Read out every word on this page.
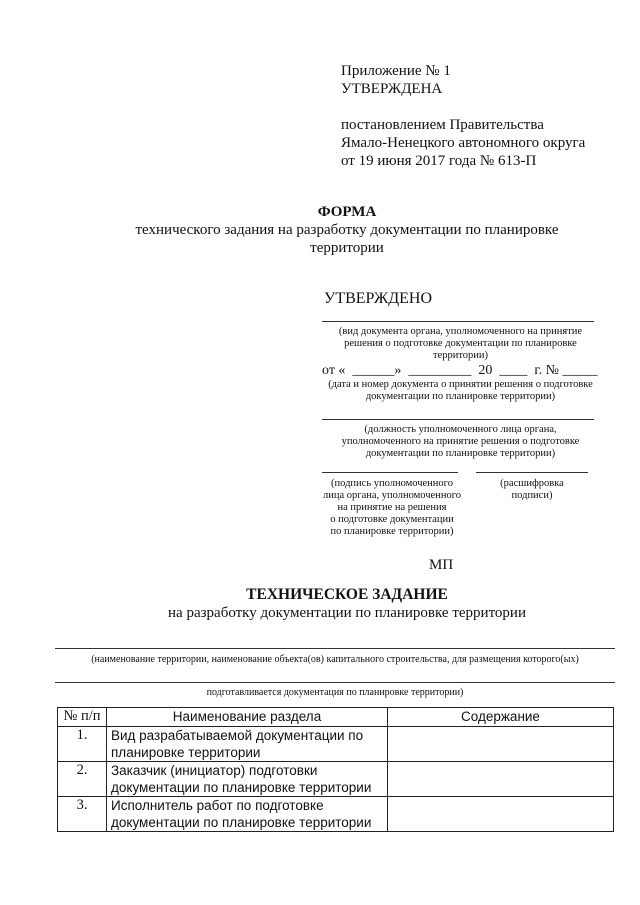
Приложение № 1
УТВЕРЖДЕНА
постановлением Правительства
Ямало-Ненецкого автономного округа
от 19 июня 2017 года № 613-П
ФОРМА
технического задания на разработку документации по планировке
территории
УТВЕРЖДЕНО
(вид документа органа, уполномоченного на принятие
решения о подготовке документации по планировке
территории)
от «  ______»  _________  20  ____  г. № _____
(дата и номер документа о принятии решения о подготовке
документации по планировке территории)
(должность уполномоченного лица органа,
уполномоченного на принятие решения о подготовке
документации по планировке территории)
(подпись уполномоченного
лица органа, уполномоченного
на принятие на решения
о подготовке документации
по планировке территории)
(расшифровка
подписи)
МП
ТЕХНИЧЕСКОЕ ЗАДАНИЕ
на разработку документации по планировке территории
(наименование территории, наименование объекта(ов) капитального строительства, для размещения которого(ых)
подготавливается документация по планировке территории)
№ п/п	Наименование раздела	Содержание
1.	Вид разрабатываемой документации по
планировке территории	

2.	Заказчик (инициатор) подготовки
документации по планировке территории	

3.	Исполнитель работ по подготовке
документации по планировке территории	
